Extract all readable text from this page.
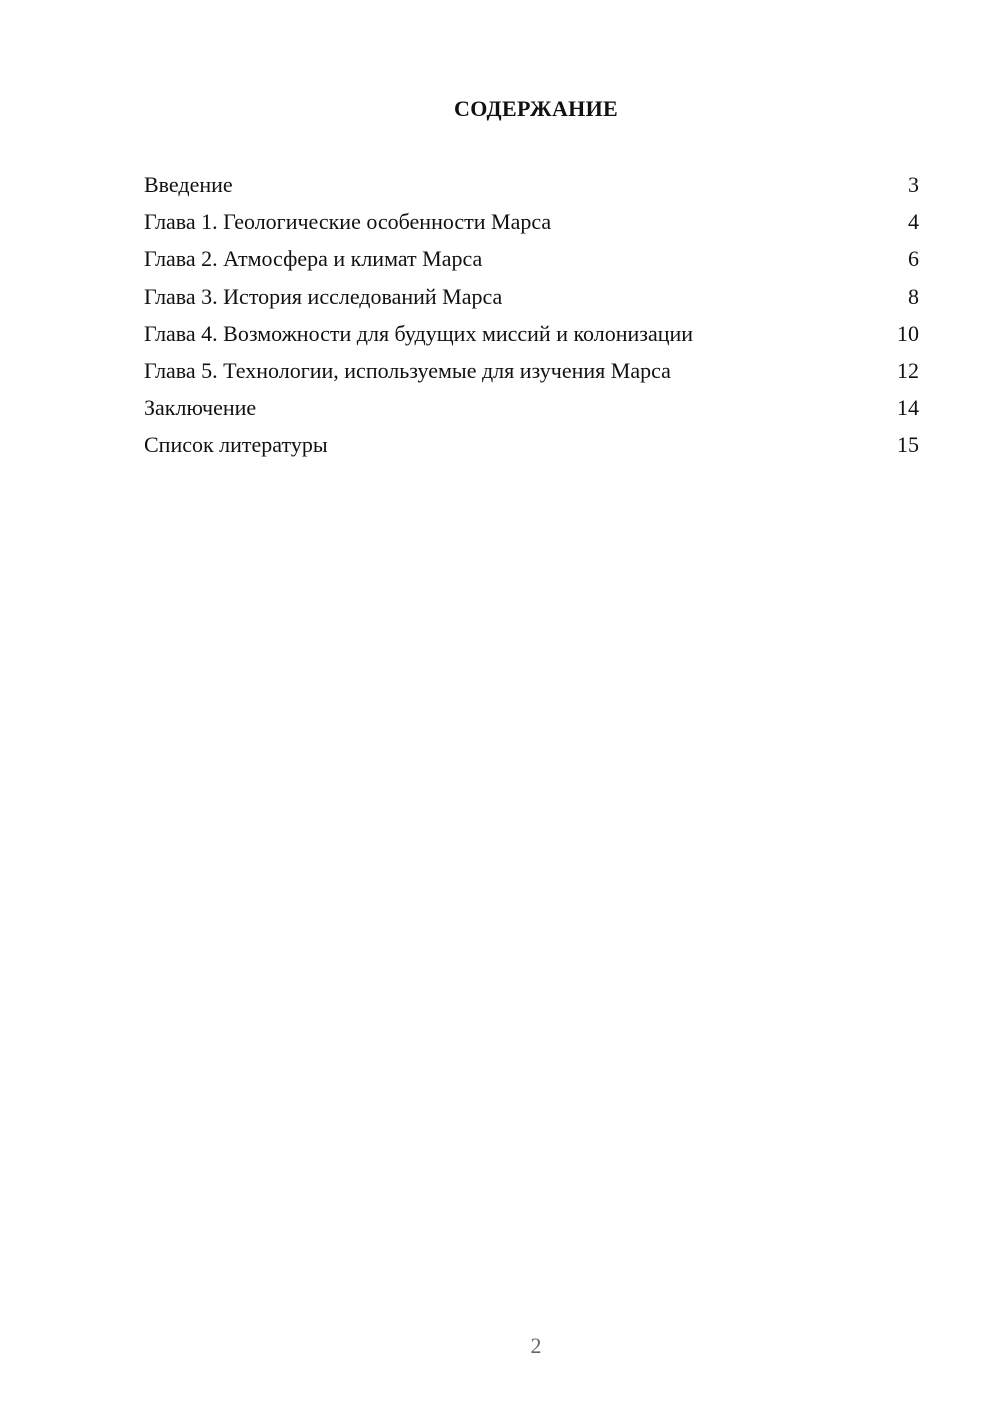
СОДЕРЖАНИЕ
Введение	3
Глава 1. Геологические особенности Марса	4
Глава 2. Атмосфера и климат Марса	6
Глава 3. История исследований Марса	8
Глава 4. Возможности для будущих миссий и колонизации	10
Глава 5. Технологии, используемые для изучения Марса	12
Заключение	14
Список литературы	15
2
